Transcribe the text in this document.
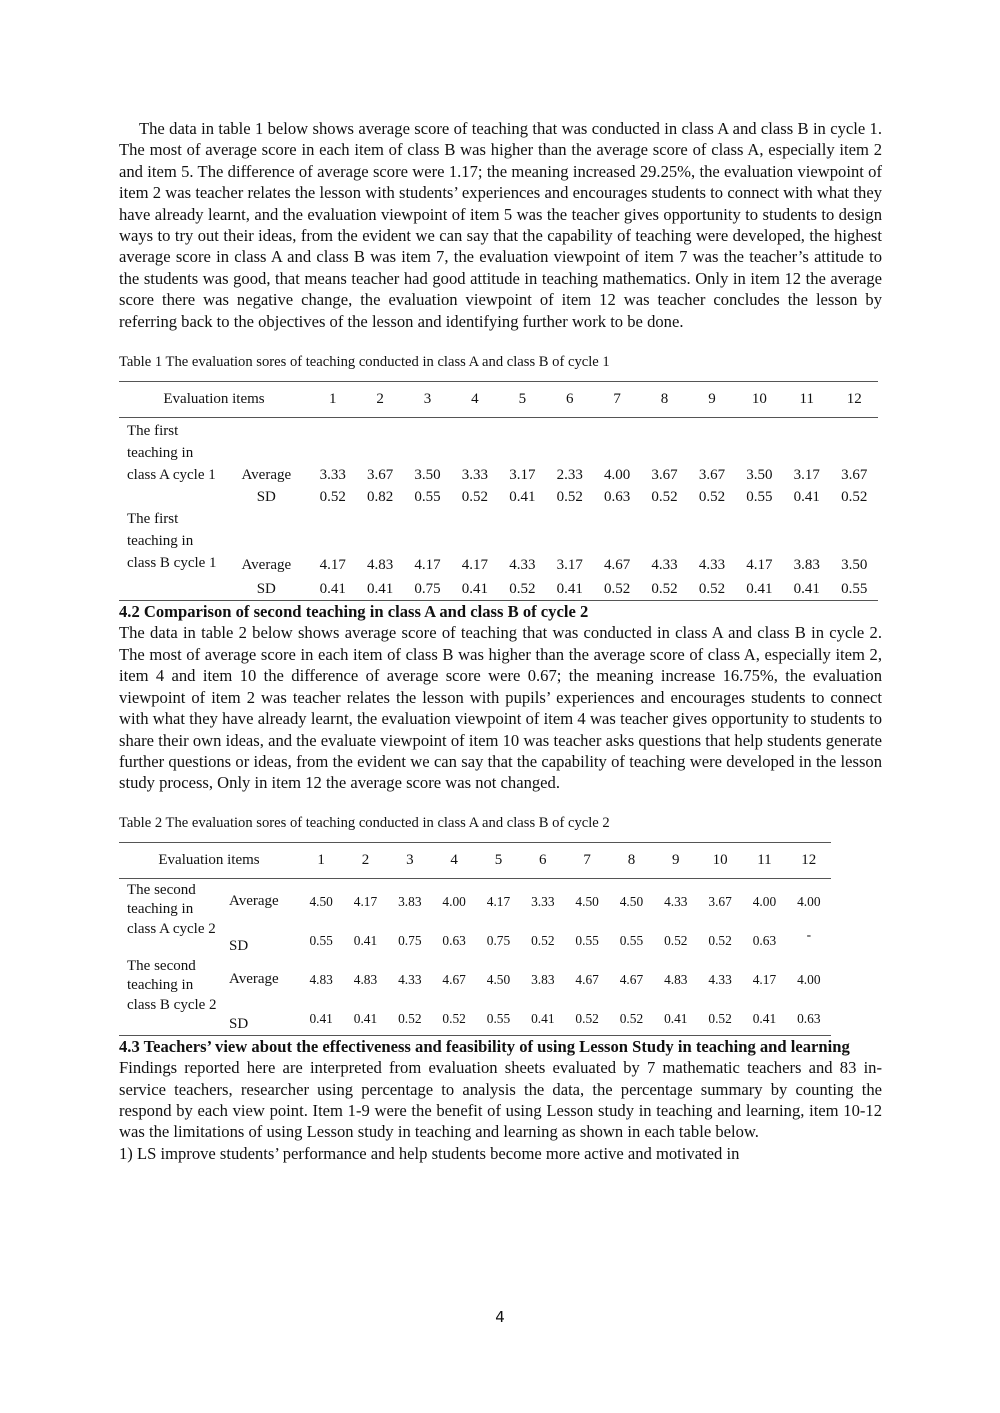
The data in table 1 below shows average score of teaching that was conducted in class A and class B in cycle 1. The most of average score in each item of class B was higher than the average score of class A, especially item 2 and item 5. The difference of average score were 1.17; the meaning increased 29.25%, the evaluation viewpoint of item 2 was teacher relates the lesson with students’ experiences and encourages students to connect with what they have already learnt, and the evaluation viewpoint of item 5 was the teacher gives opportunity to students to design ways to try out their ideas, from the evident we can say that the capability of teaching were developed, the highest average score in class A and class B was item 7, the evaluation viewpoint of item 7 was the teacher’s attitude to the students was good, that means teacher had good attitude in teaching mathematics. Only in item 12 the average score there was negative change, the evaluation viewpoint of item 12 was teacher concludes the lesson by referring back to the objectives of the lesson and identifying further work to be done.

Table 1 The evaluation sores of teaching conducted in class A and class B of cycle 1

Evaluation items		1	2	3	4	5	6	7	8	9	10	11	12
The first teaching in class A cycle 1	Average	3.33	3.67	3.50	3.33	3.17	2.33	4.00	3.67	3.67	3.50	3.17	3.67
	SD	0.52	0.82	0.55	0.52	0.41	0.52	0.63	0.52	0.52	0.55	0.41	0.52
The first teaching in class B cycle 1	Average	4.17	4.83	4.17	4.17	4.33	3.17	4.67	4.33	4.33	4.17	3.83	3.50
	SD	0.41	0.41	0.75	0.41	0.52	0.41	0.52	0.52	0.52	0.41	0.41	0.55
4.2 Comparison of second teaching in class A and class B of cycle 2

The data in table 2 below shows average score of teaching that was conducted in class A and class B in cycle 2. The most of average score in each item of class B was higher than the average score of class A, especially item 2, item 4 and item 10 the difference of average score were 0.67; the meaning increase 16.75%, the evaluation viewpoint of item 2 was teacher relates the lesson with pupils’ experiences and encourages students to connect with what they have already learnt, the evaluation viewpoint of item 4 was teacher gives opportunity to students to share their own ideas, and the evaluate viewpoint of item 10 was teacher asks questions that help students generate further questions or ideas, from the evident we can say that the capability of teaching were developed in the lesson study process, Only in item 12 the average score was not changed.

Table 2 The evaluation sores of teaching conducted in class A and class B of cycle 2

Evaluation items		1	2	3	4	5	6	7	8	9	10	11	12
The second teaching in class A cycle 2	Average	4.50	4.17	3.83	4.00	4.17	3.33	4.50	4.50	4.33	3.67	4.00	4.00
	SD	0.55	0.41	0.75	0.63	0.75	0.52	0.55	0.55	0.52	0.52	0.63	-
The second teaching in class B cycle 2	Average	4.83	4.83	4.33	4.67	4.50	3.83	4.67	4.67	4.83	4.33	4.17	4.00
	SD	0.41	0.41	0.52	0.52	0.55	0.41	0.52	0.52	0.41	0.52	0.41	0.63
4.3 Teachers’ view about the effectiveness and feasibility of using Lesson Study in teaching and learning

Findings reported here are interpreted from evaluation sheets evaluated by 7 mathematic teachers and 83 in-service teachers, researcher using percentage to analysis the data, the percentage summary by counting the respond by each view point. Item 1-9 were the benefit of using Lesson study in teaching and learning, item 10-12 was the limitations of using Lesson study in teaching and learning as shown in each table below.

1) LS improve students’ performance and help students become more active and motivated in

4
